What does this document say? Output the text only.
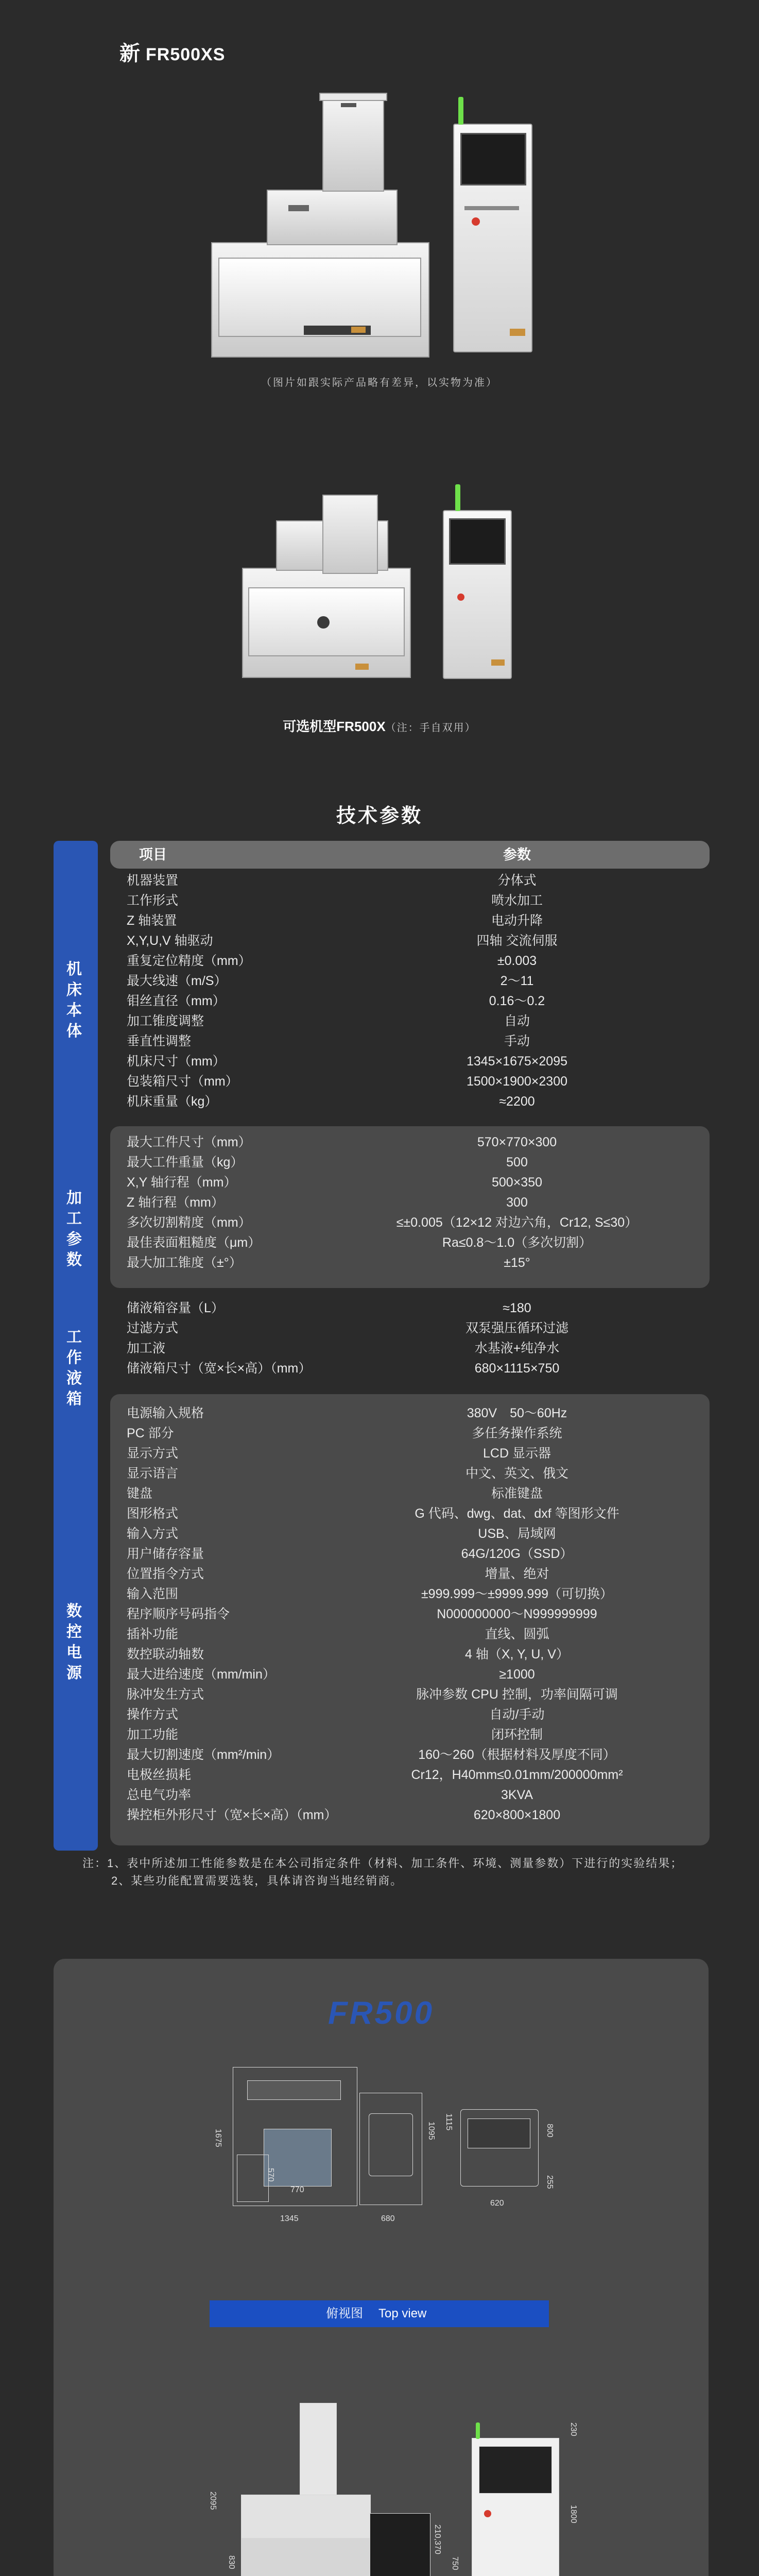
新 FR500XS
（图片如跟实际产品略有差异，以实物为准）
可选机型FR500X（注：手自双用）
技术参数
机床本体
加工参数
工作液箱
数控电源
项目	参数
机器装置	分体式
工作形式	喷水加工
Z 轴装置	电动升降
X,Y,U,V 轴驱动	四轴 交流伺服
重复定位精度（mm）	±0.003
最大线速（m/S）	2～11
钼丝直径（mm）	0.16～0.2
加工锥度调整	自动
垂直性调整	手动
机床尺寸（mm）	1345×1675×2095
包装箱尺寸（mm）	1500×1900×2300
机床重量（kg）	≈2200
最大工件尺寸（mm）	570×770×300
最大工件重量（kg）	500
X,Y 轴行程（mm）	500×350
Z 轴行程（mm）	300
多次切割精度（mm）	≤±0.005（12×12 对边六角，Cr12, S≤30）
最佳表面粗糙度（μm）	Ra≤0.8～1.0（多次切割）
最大加工锥度（±°）	±15°
储液箱容量（L）	≈180
过滤方式	双泵强压循环过滤
加工液	水基液+纯净水
储液箱尺寸（宽×长×高）（mm）	680×1115×750
电源输入规格	380V　50～60Hz
PC 部分	多任务操作系统
显示方式	LCD 显示器
显示语言	中文、英文、俄文
键盘	标准键盘
图形格式	G 代码、dwg、dat、dxf 等图形文件
输入方式	USB、局域网
用户储存容量	64G/120G（SSD）
位置指令方式	增量、绝对
输入范围	±999.999～±9999.999（可切换）
程序顺序号码指令	N000000000～N999999999
插补功能	直线、圆弧
数控联动轴数	4 轴（X, Y, U, V）
最大进给速度（mm/min）	≥1000
脉冲发生方式	脉冲参数 CPU 控制，功率间隔可调
操作方式	自动/手动
加工功能	闭环控制
最大切割速度（mm²/min）	160～260（根据材料及厚度不同）
电极丝损耗	Cr12，H40mm≤0.01mm/200000mm²
总电气功率	3KVA
操控柜外形尺寸（宽×长×高）（mm）	620×800×1800
注：1、表中所述加工性能参数是在本公司指定条件（材料、加工条件、环境、测量参数）下进行的实验结果；
2、某些功能配置需要选装，具体请咨询当地经销商。
FR500
1675
1345	680
620
1115
1095	800
255
770
570
俯视图 Top view
2095
830
210,370
750
1800
230
